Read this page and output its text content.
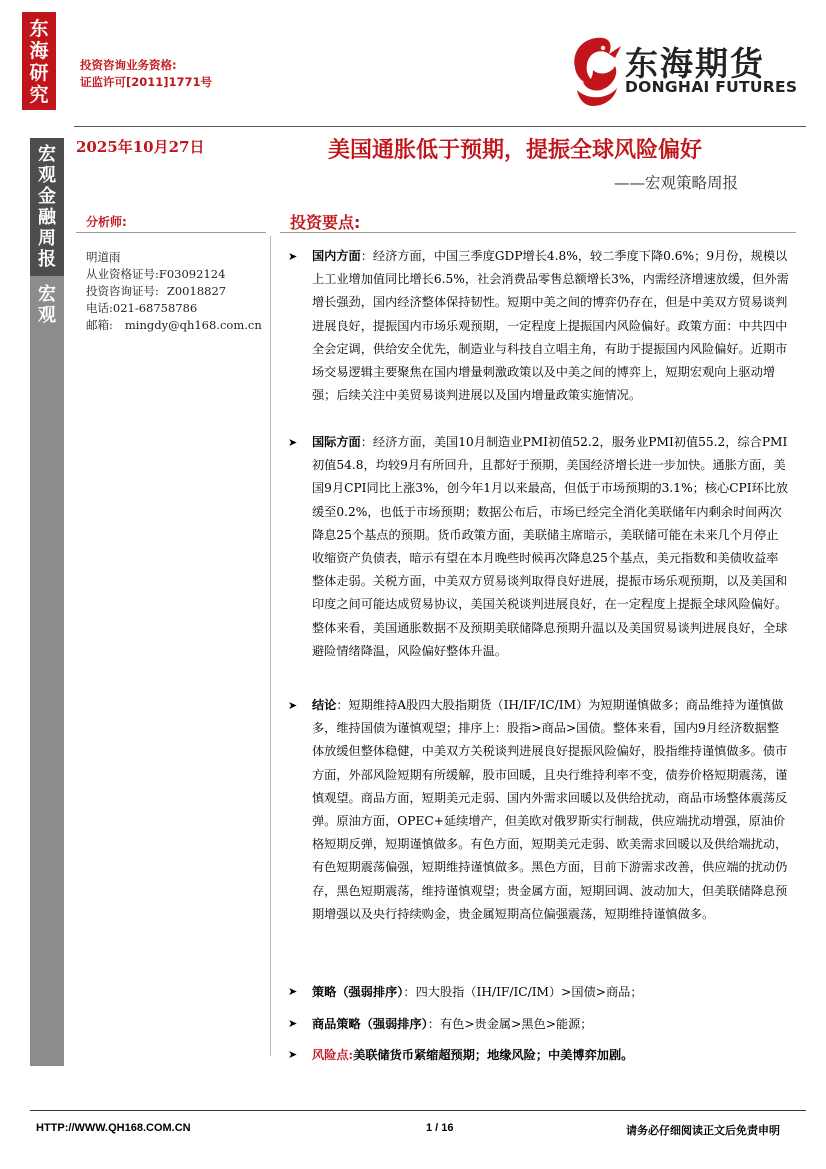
东海研究
宏观金融周报
宏观
投资咨询业务资格:
证监许可[2011]1771号	东海期货
DONGHAI FUTURES
2025年10月27日	美国通胀低于预期，提振全球风险偏好
——宏观策略周报
分析师:
明道雨
从业资格证号:F03092124
投资咨询证号: Z0018827
电话:021-68758786
邮箱: mingdy@qh168.com.cn
投资要点:
➤ 国内方面：经济方面，中国三季度GDP增长4.8%，较二季度下降0.6%；9月份，规模以上工业增加值同比增长6.5%，社会消费品零售总额增长3%，内需经济增速放缓，但外需增长强劲，国内经济整体保持韧性。短期中美之间的博弈仍存在，但是中美双方贸易谈判进展良好，提振国内市场乐观预期，一定程度上提振国内风险偏好。政策方面：中共四中全会定调，供给安全优先，制造业与科技自立唱主角，有助于提振国内风险偏好。近期市场交易逻辑主要聚焦在国内增量刺激政策以及中美之间的博弈上，短期宏观向上驱动增强；后续关注中美贸易谈判进展以及国内增量政策实施情况。
➤ 国际方面：经济方面，美国10月制造业PMI初值52.2，服务业PMI初值55.2，综合PMI初值54.8，均较9月有所回升，且都好于预期，美国经济增长进一步加快。通胀方面，美国9月CPI同比上涨3%，创今年1月以来最高，但低于市场预期的3.1%；核心CPI环比放缓至0.2%，也低于市场预期；数据公布后，市场已经完全消化美联储年内剩余时间两次降息25个基点的预期。货币政策方面，美联储主席暗示，美联储可能在未来几个月停止收缩资产负债表，暗示有望在本月晚些时候再次降息25个基点，美元指数和美债收益率整体走弱。关税方面，中美双方贸易谈判取得良好进展，提振市场乐观预期，以及美国和印度之间可能达成贸易协议，美国关税谈判进展良好，在一定程度上提振全球风险偏好。整体来看，美国通胀数据不及预期美联储降息预期升温以及美国贸易谈判进展良好，全球避险情绪降温，风险偏好整体升温。
➤ 结论：短期维持A股四大股指期货（IH/IF/IC/IM）为短期谨慎做多；商品维持为谨慎做多，维持国债为谨慎观望；排序上：股指>商品>国债。整体来看，国内9月经济数据整体放缓但整体稳健，中美双方关税谈判进展良好提振风险偏好，股指维持谨慎做多。债市方面，外部风险短期有所缓解，股市回暖，且央行维持利率不变，债券价格短期震荡，谨慎观望。商品方面，短期美元走弱、国内外需求回暖以及供给扰动，商品市场整体震荡反弹。原油方面，OPEC+延续增产，但美欧对俄罗斯实行制裁，供应端扰动增强，原油价格短期反弹，短期谨慎做多。有色方面，短期美元走弱、欧美需求回暖以及供给端扰动，有色短期震荡偏强，短期维持谨慎做多。黑色方面，目前下游需求改善，供应端的扰动仍存，黑色短期震荡，维持谨慎观望；贵金属方面，短期回调、波动加大，但美联储降息预期增强以及央行持续购金，贵金属短期高位偏强震荡，短期维持谨慎做多。
➤ 策略（强弱排序）：四大股指（IH/IF/IC/IM）>国债>商品；
➤ 商品策略（强弱排序）：有色>贵金属>黑色>能源；
➤ 风险点:美联储货币紧缩超预期；地缘风险；中美博弈加剧。
HTTP://WWW.QH168.COM.CN	1 / 16	请务必仔细阅读正文后免责申明
